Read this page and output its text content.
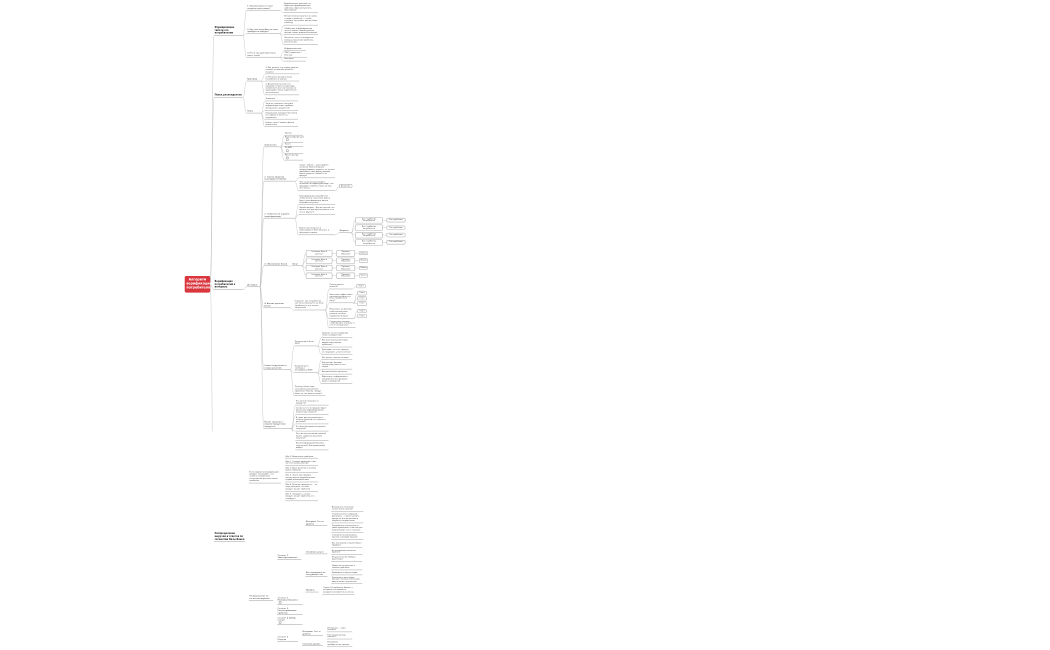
Алгоритм верификации потребителя
Формирование гипотез по потребителям
1. Какой результат хочет получить наш клиент?
Выработанное решение: из образцов сформированные шаблоны, образ результата, обоснование
2. Как наш потребитель хочет приобрести продукт?
Впечатление результата в каком-то виде и шаблоне — чтобы получить настоящее впечатление и выгоду
Обобщение в формировании чего-то нового (новый уровень дохода, новые взаимоотношения)
Запчасти: что-то стандартное, помощь в решении проблемы, впечатления
3. Кто и где действительно хочет этого?
Информационные
СМИ / маркетинг / блогеры
Эксперты
Поиск респондентов
Критерии
1. Мог решать эту задачу раньше, в каком-то важном процессе покупки
2. Реальная покупательная способность и усилия
3. Актуальность опыта по каждому сегменту структуры: особенность всех согласных на аудиторию, лучше параллельно по сегментам
Поиск
Знакомые
Чаты по тематике (получить информацию через профиль, обсуждения, документы)
Подписчики конкурентов (найти по глубине в почте и в подписках)
Кейсы, чаты. Главные фишки описателей
Верификация потребителей в интервью
Интервью
Знакомство
Звонок
Видеоконференция
Почта
По SMS
Мессенджеры
1. Список вопросов (сценарий интервью)
Самое главное — разговорить человека. Важно вопросы сформулировать заранее, но нельзя навязывать свои формулировки. Нужно увидеть, поможет ли продукт
Чем лучше вы разговорите человека (интервью-разговор), тем правдивее поймёте, было ли вам чем помочь
Академия
2. Особенности в уровне трансформации
Трансформация потребителя: чтобы узнать, насколько важна будет трансформация, важно потребителя узнать
Задаём вопрос: «Как вы поняли, что именно это вам нужно решить, а не что-то другое?»
Важно натолкнуться и собеседовать? Или помогать и обсуждать задачи
Вопросы
Доп. проблемы потребителя
Тип проблемы
Доп. проблемы потребителя
Тип проблемы
Доп. проблемы потребителя
Тип проблемы
Доп. проблемы потребителя
Тип проблемы
3. Обоснование болей Боли
Описание боли и контекст
Причина (Почему?)
Важно
Описание боли и контекст
Причина (Почему?)
Важно
Описание боли и контекст
Причина (Почему?)
Важно
Описание боли и контекст
Причина (Почему?)
Важно
4. Анализ решения болей
Опишите: как потребитель сам пытался решить эту боль (проблему) и что в итоге получилось
Почему важно решить?	Ответ
Насколько эффективно пытались решить эту боль (проблему) в быту?
Ответ
Ответ
Ответ
Насколько, по-вашему, в обстоятельствах решена эта боль (проблема) в быту?
Ответ
Ответ
Сколько вы платили, чтобы решить эту боль, и что не получилось?
Этапы погружения от старых решений
Погружение в боль (B2C)
Задание: по исследованию темы в сообществах
Как искали решение (сбор вариантов решения проблемы)
Критерии: что этот продукт не покрывает, узнать мнение
Погружение в команду и интерфейсы (B2B)
Как учили, сколько человек
Настроение боковой экспертизы решать этот запрос
Базовые бизнес-процессы
Маркетинг: информация и потребители из программ, видео и продуктов
Почему сейчас надо пользоваться решением проблемы? Почему «вокруг боли» не так важно сейчас?
Расчёт сведения с нашими продуктами (докрутка)
Что хотели получить от продукта?
Сколько и что в продаже будет важно для информирования (советы при покупке)
В каких разных решениях и почему перешли (не только от решения)?
Что было бы идеально решить покупкой?
Чего вы хотели одной кнопкой (более сервисное решение покупки)?
Какой информацией боялись поделиться? Или правильный выбор?
Распределение выручки и ответов по сегментам Базы Банка
Если произвели верификацию: продукт показывает, что клиенты недовольны потенциалом решения своей проблемы
Шаг 0. Выявление проблемы
Шаг 1. Сколько проблема стоит, частота каких решений
Шаг 2. Ваше решение и почему важно (пример)
Шаг 3. Зачем ваш продукт, почему важны проработанные первые взаимодействия
Шаг 4. Пока вы проверяете — не надо убеждать, что ваш продукт решит проблему
Шаг 5. Обсудить, что ваш продукт решит проблему, кто планирует
Распределение по сегментам воронки
Сегмент 1. Заинтересованные
Интервью. Тест и уровень
Включили в несколько сегментов (в каталог)
Способ оплаты: например, рассрочка — нужно сделать продукты для включения и запросы стандартными
Потребитель столкнулся со своей проблемой, если смотрел (картинками) что-то похожее
Способность реализовать нужные сценарии покупок
Основные услуги
Как настроили в нашей (ввод / профиль)
На основании связанных проблем
На достигнутом (выбор / адаптация)
Как переводить на следующий этап
Привести интересные и схожие проблемы
Пробовать и свои истории
Посмотреть настоящие выгоды / помощь (насколько важно какое-то решение)
Правило
Список 10 проблем в банках, с которыми сталкивается каждый пользователь за месяц
Сегмент 2. Неопределившиеся
Сегмент 3. Рассматривающие проблему
Сегмент 4. Выбор (отказ)
Сегмент 5. Покупка
Интервью. Тест и уровень
Интересно — надо платить?
Как в вашу выгоду платёж?
Описание уровня
Российское приобретение продаж
